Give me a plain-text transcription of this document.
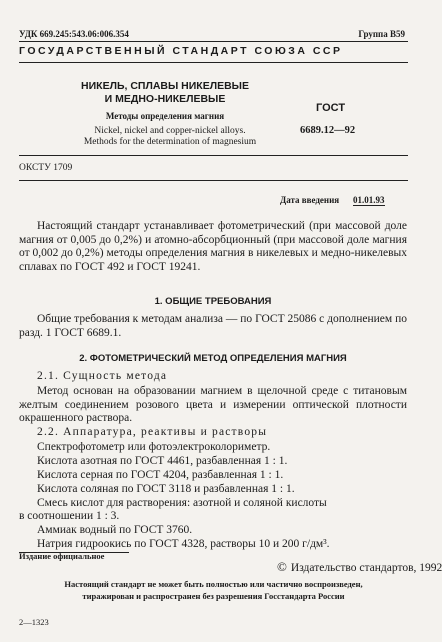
УДК 669.245:543.06:006.354	Группа В59
ГОСУДАРСТВЕННЫЙ СТАНДАРТ СОЮЗА ССР
НИКЕЛЬ, СПЛАВЫ НИКЕЛЕВЫЕ
И МЕДНО-НИКЕЛЕВЫЕ
Методы определения магния
Nickel, nickel and copper-nickel alloys.
Methods for the determination of magnesium
ГОСТ
6689.12—92
ОКСТУ 1709
Дата введения 01.01.93
Настоящий стандарт устанавливает фотометрический (при массовой доле магния от 0,005 до 0,2%) и атомно-абсорбционный (при массовой доле магния от 0,002 до 0,2%) методы определения магния в никелевых и медно-никелевых сплавах по ГОСТ 492 и ГОСТ 19241.
1. ОБЩИЕ ТРЕБОВАНИЯ
Общие требования к методам анализа — по ГОСТ 25086 с дополнением по разд. 1 ГОСТ 6689.1.
2. ФОТОМЕТРИЧЕСКИЙ МЕТОД ОПРЕДЕЛЕНИЯ МАГНИЯ
2.1. Сущность метода
Метод основан на образовании магнием в щелочной среде с титановым желтым соединением розового цвета и измерении оптической плотности окрашенного раствора.
2.2. Аппаратура, реактивы и растворы
Спектрофотометр или фотоэлектроколориметр.
Кислота азотная по ГОСТ 4461, разбавленная 1 : 1.
Кислота серная по ГОСТ 4204, разбавленная 1 : 1.
Кислота соляная по ГОСТ 3118 и разбавленная 1 : 1.
Смесь кислот для растворения: азотной и соляной кислоты
в соотношении 1 : 3.
Аммиак водный по ГОСТ 3760.
Натрия гидроокись по ГОСТ 4328, растворы 10 и 200 г/дм³.
Издание официальное
© Издательство стандартов, 1992
Настоящий стандарт не может быть полностью или частично воспроизведен,
тиражирован и распространен без разрешения Госстандарта России
2—1323
